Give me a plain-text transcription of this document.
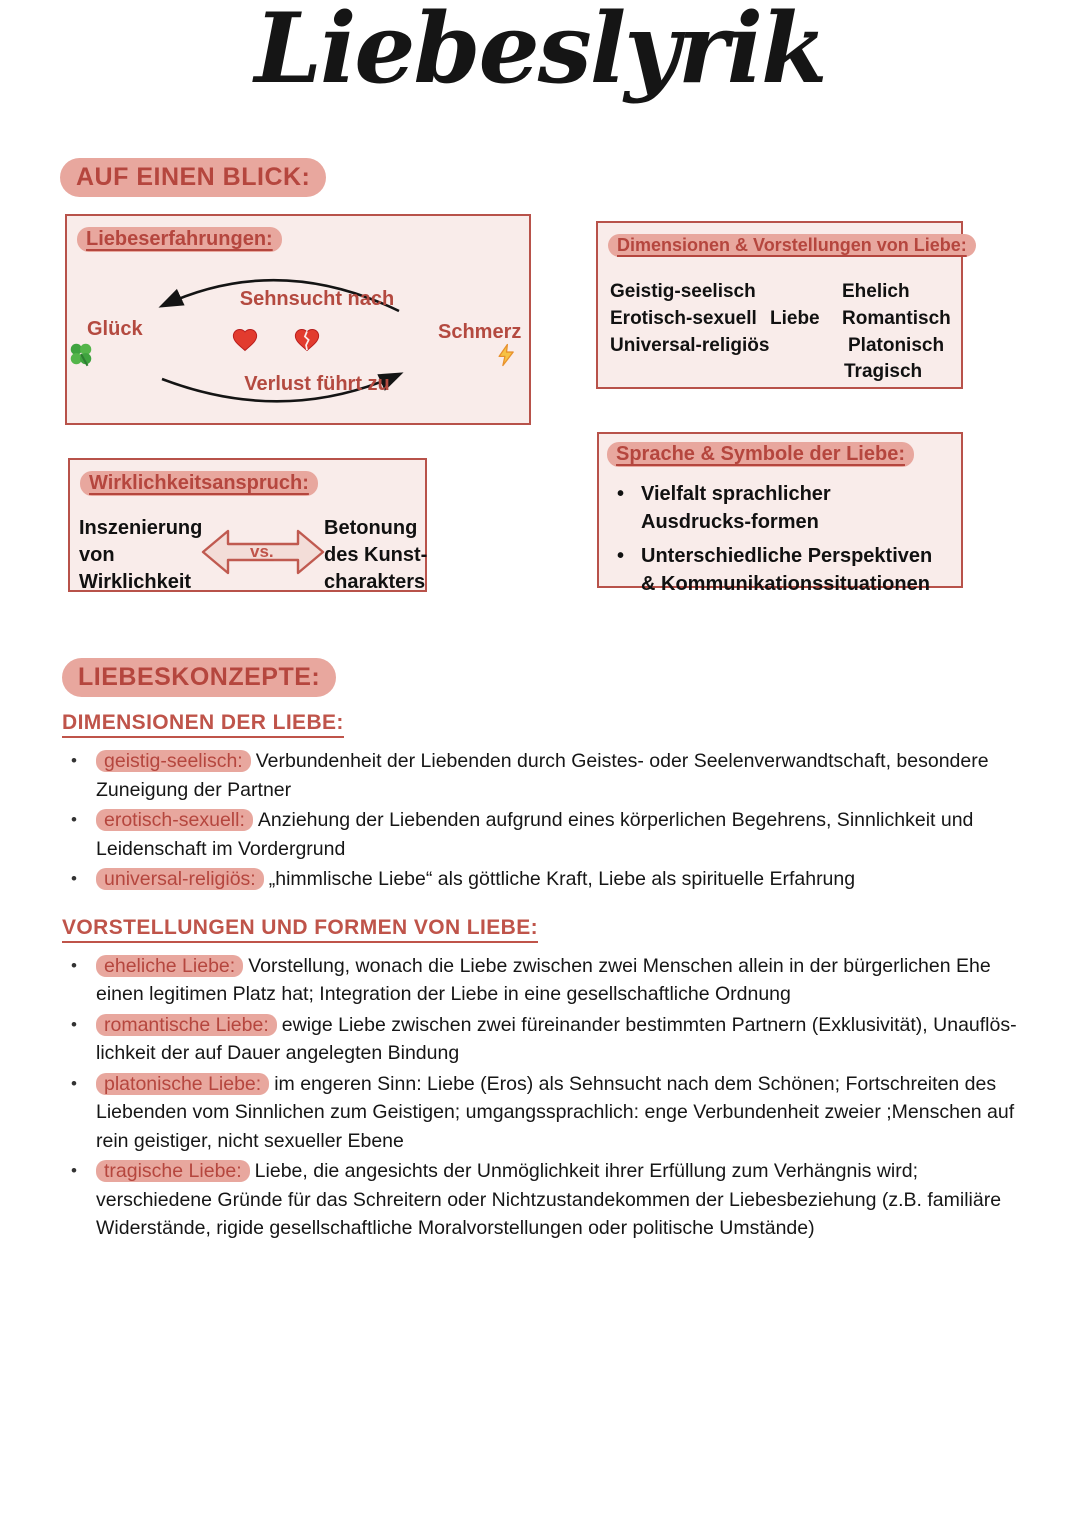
Liebeslyrik
AUF EINEN BLICK:
Liebeserfahrungen:
Sehnsucht nach
Glück	Schmerz
Verlust führt zu
Dimensionen & Vorstellungen von Liebe:
Geistig-seelisch
Erotisch-sexuell
Universal-religiös
Liebe
Ehelich
Romantisch
Platonisch
Tragisch
Wirklichkeitsanspruch:
Inszenierung von Wirklichkeit
vs.
Betonung des Kunst-charakters
Sprache & Symbole der Liebe:
• Vielfalt sprachlicher Ausdrucks-formen
• Unterschiedliche Perspektiven & Kommunikationssituationen
LIEBESKONZEPTE:
DIMENSIONEN DER LIEBE:
• geistig-seelisch: Verbundenheit der Liebenden durch Geistes- oder Seelenverwandtschaft, besondere Zuneigung der Partner
• erotisch-sexuell: Anziehung der Liebenden aufgrund eines körperlichen Begehrens, Sinnlichkeit und Leidenschaft im Vordergrund
• universal-religiös: „himmlische Liebe“ als göttliche Kraft, Liebe als spirituelle Erfahrung
VORSTELLUNGEN UND FORMEN VON LIEBE:
• eheliche Liebe: Vorstellung, wonach die Liebe zwischen zwei Menschen allein in der bürgerlichen Ehe einen legitimen Platz hat; Integration der Liebe in eine gesellschaftliche Ordnung
• romantische Liebe: ewige Liebe zwischen zwei füreinander bestimmten Partnern (Exklusivität), Unauflös-lichkeit der auf Dauer angelegten Bindung
• platonische Liebe: im engeren Sinn: Liebe (Eros) als Sehnsucht nach dem Schönen; Fortschreiten des Liebenden vom Sinnlichen zum Geistigen; umgangssprachlich: enge Verbundenheit zweier ;Menschen auf rein geistiger, nicht sexueller Ebene
• tragische Liebe: Liebe, die angesichts der Unmöglichkeit ihrer Erfüllung zum Verhängnis wird; verschiedene Gründe für das Schreitern oder Nichtzustandekommen der Liebesbeziehung (z.B. familiäre Widerstände, rigide gesellschaftliche Moralvorstellungen oder politische Umstände)
